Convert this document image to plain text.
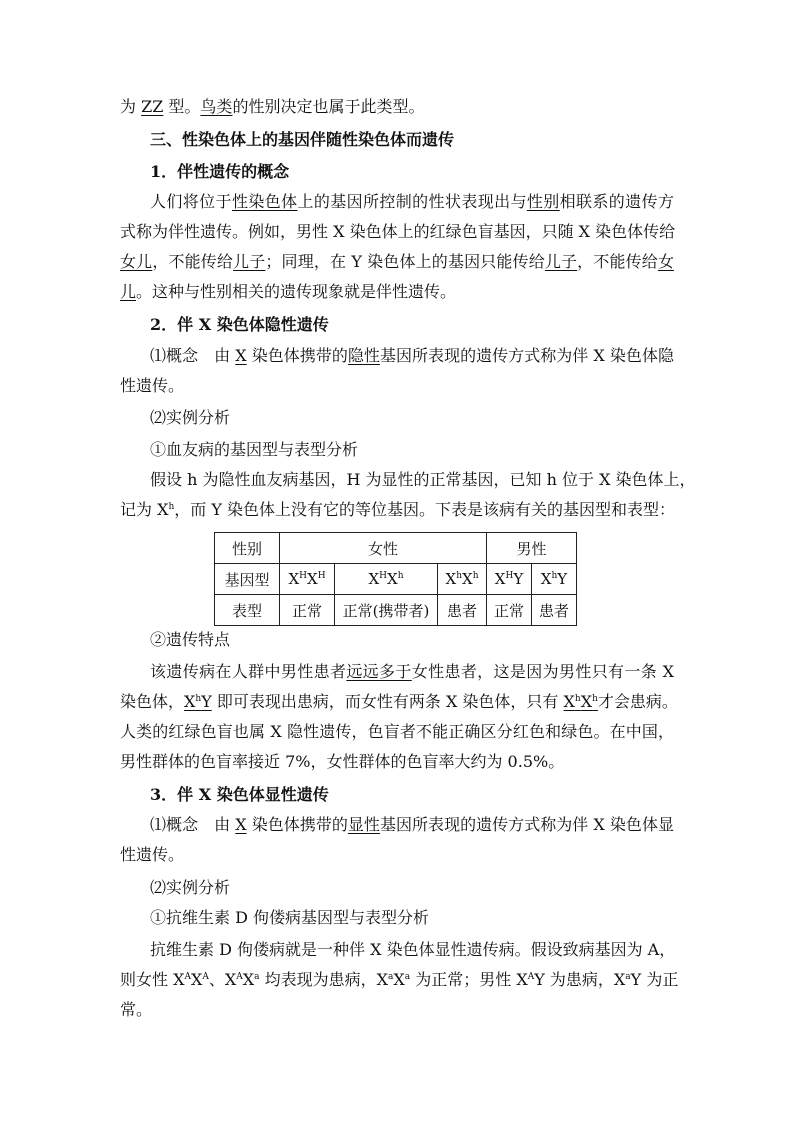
为 ZZ 型。鸟类的性别决定也属于此类型。
三、性染色体上的基因伴随性染色体而遗传
1．伴性遗传的概念
人们将位于性染色体上的基因所控制的性状表现出与性别相联系的遗传方
式称为伴性遗传。例如，男性 X 染色体上的红绿色盲基因，只随 X 染色体传给
女儿，不能传给儿子；同理，在 Y 染色体上的基因只能传给儿子，不能传给女
儿。这种与性别相关的遗传现象就是伴性遗传。
2．伴 X 染色体隐性遗传
⑴概念　由 X 染色体携带的隐性基因所表现的遗传方式称为伴 X 染色体隐
性遗传。
⑵实例分析
①血友病的基因型与表型分析
假设 h 为隐性血友病基因，H 为显性的正常基因，已知 h 位于 X 染色体上，
记为 $X^h$，而 Y 染色体上没有它的等位基因。下表是该病有关的基因型和表型：
性别	女性			男性	
基因型	$X^HX^H$	$X^HX^h$	$X^hX^h$	$X^HY$	$X^hY$
表型	正常	正常(携带者)	患者	正常	患者
②遗传特点
该遗传病在人群中男性患者远远多于女性患者，这是因为男性只有一条 X
染色体，$X^hY$ 即可表现出患病，而女性有两条 X 染色体，只有 $X^hX^h$才会患病。
人类的红绿色盲也属 X 隐性遗传，色盲者不能正确区分红色和绿色。在中国，
男性群体的色盲率接近 7%，女性群体的色盲率大约为 0.5%。
3．伴 X 染色体显性遗传
⑴概念　由 X 染色体携带的显性基因所表现的遗传方式称为伴 X 染色体显
性遗传。
⑵实例分析
①抗维生素 D 佝偻病基因型与表型分析
抗维生素 D 佝偻病就是一种伴 X 染色体显性遗传病。假设致病基因为 A，
则女性 $X^AX^A$、$X^AX^a$ 均表现为患病，$X^aX^a$ 为正常；男性 $X^AY$ 为患病，$X^aY$ 为正
常。
